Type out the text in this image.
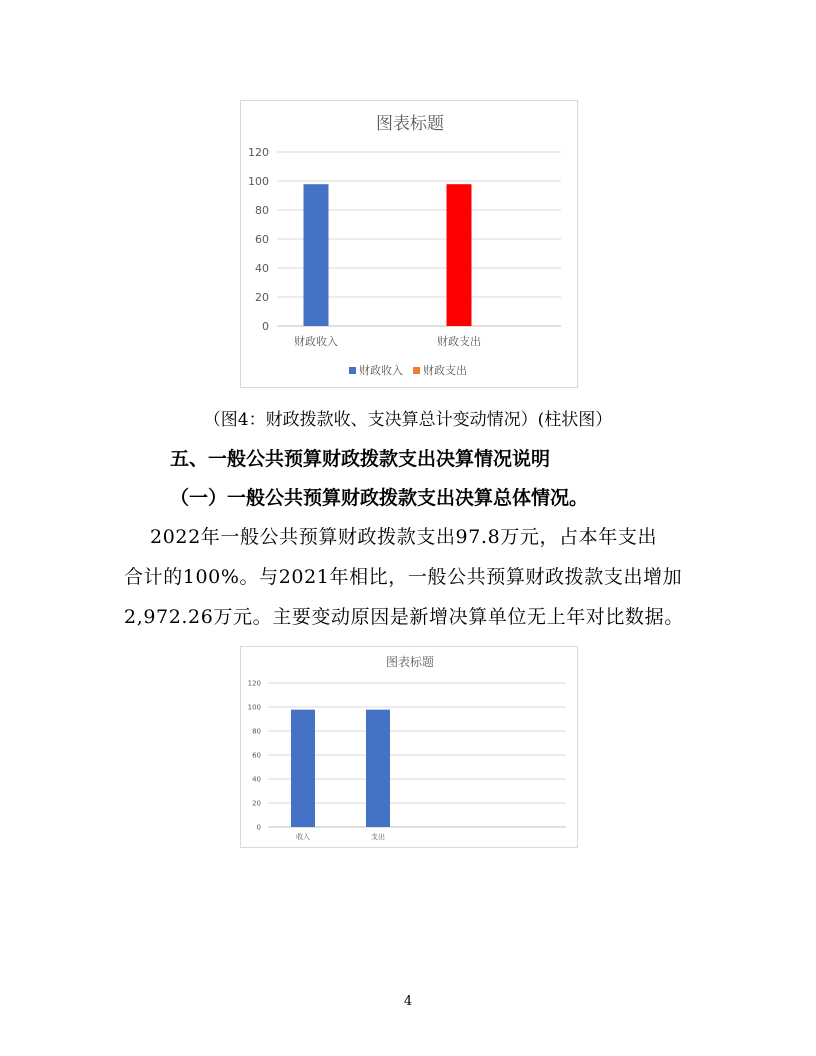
图表标题
0
20
40
60
80
100
120
财政收入	财政支出
财政收入 财政支出
（图4：财政拨款收、支决算总计变动情况）(柱状图）
五、一般公共预算财政拨款支出决算情况说明
（一）一般公共预算财政拨款支出决算总体情况。
2022年一般公共预算财政拨款支出97.8万元，占本年支出
合计的100%。与2021年相比，一般公共预算财政拨款支出增加
2,972.26万元。主要变动原因是新增决算单位无上年对比数据。
图表标题
0
20
40
60
80
100
120
收入	支出
4
